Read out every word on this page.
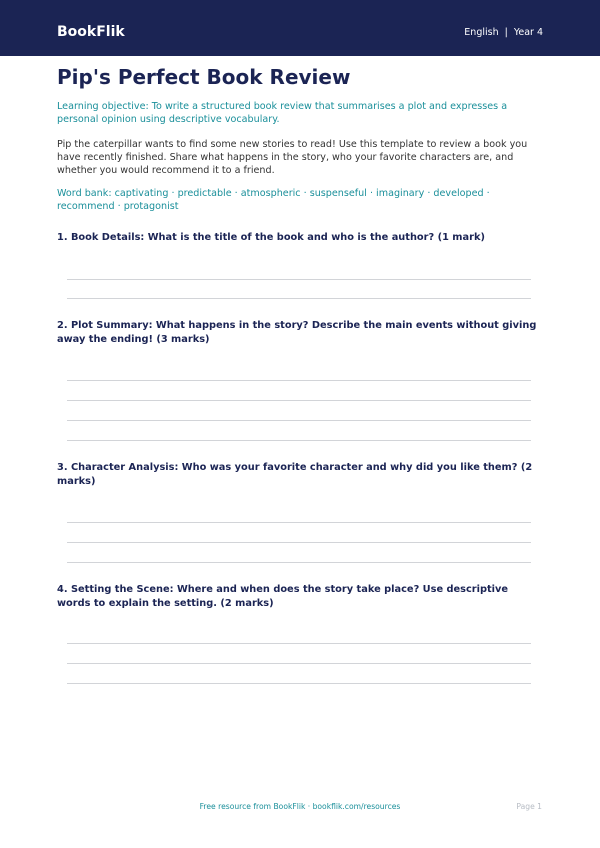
BookFlik	English | Year 4
Pip's Perfect Book Review
Learning objective: To write a structured book review that summarises a plot and expresses a personal opinion using descriptive vocabulary.
Pip the caterpillar wants to find some new stories to read! Use this template to review a book you have recently finished. Share what happens in the story, who your favorite characters are, and whether you would recommend it to a friend.
Word bank: captivating · predictable · atmospheric · suspenseful · imaginary · developed · recommend · protagonist
1. Book Details: What is the title of the book and who is the author? (1 mark)
2. Plot Summary: What happens in the story? Describe the main events without giving away the ending! (3 marks)
3. Character Analysis: Who was your favorite character and why did you like them? (2 marks)
4. Setting the Scene: Where and when does the story take place? Use descriptive words to explain the setting. (2 marks)
Free resource from BookFlik · bookflik.com/resources	Page 1
